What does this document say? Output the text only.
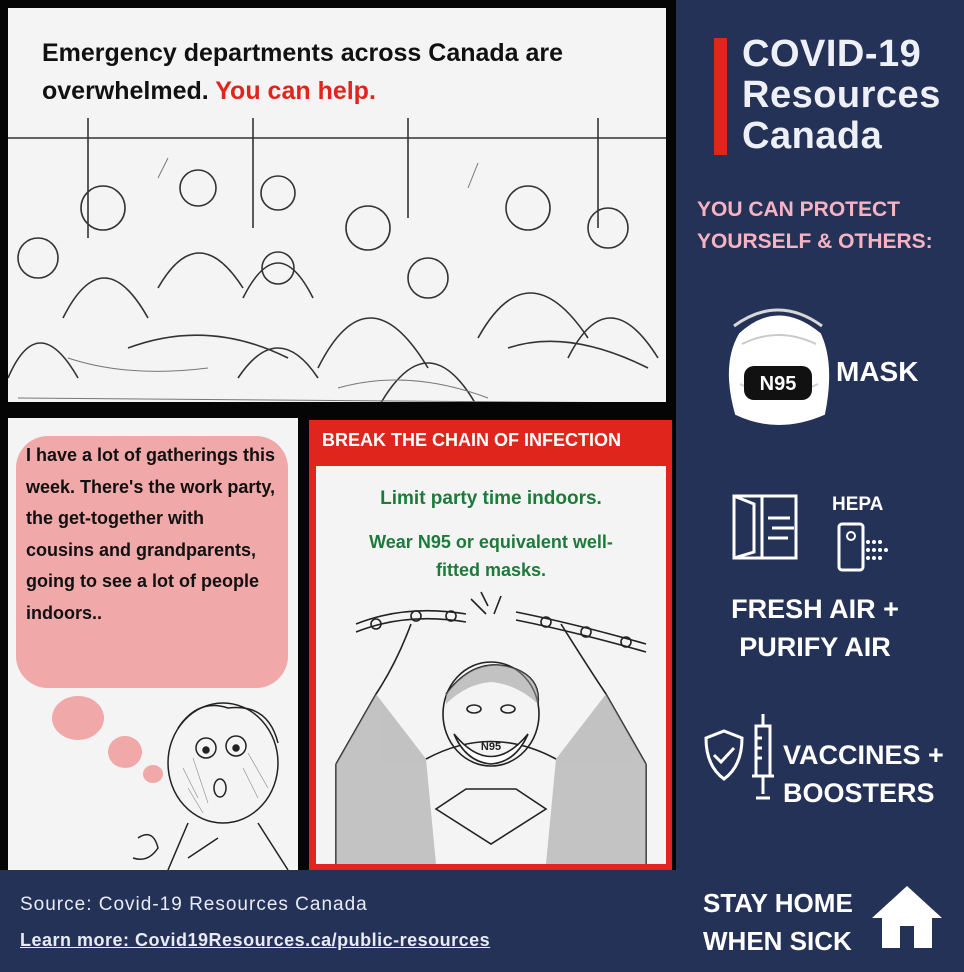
Emergency departments across Canada are overwhelmed. You can help.
I have a lot of gatherings this week. There's the work party, the get-together with cousins and grandparents, going to see a lot of people indoors..
BREAK THE CHAIN OF INFECTION
Limit party time indoors.
Wear N95 or equivalent well-fitted masks.
N95
COVID-19
Resources
Canada
YOU CAN PROTECT
YOURSELF & OTHERS:
N95 MASK
HEPA
FRESH AIR +
PURIFY AIR
VACCINES +
BOOSTERS
STAY HOME
WHEN SICK
Source: Covid-19 Resources Canada
Learn more: Covid19Resources.ca/public-resources
